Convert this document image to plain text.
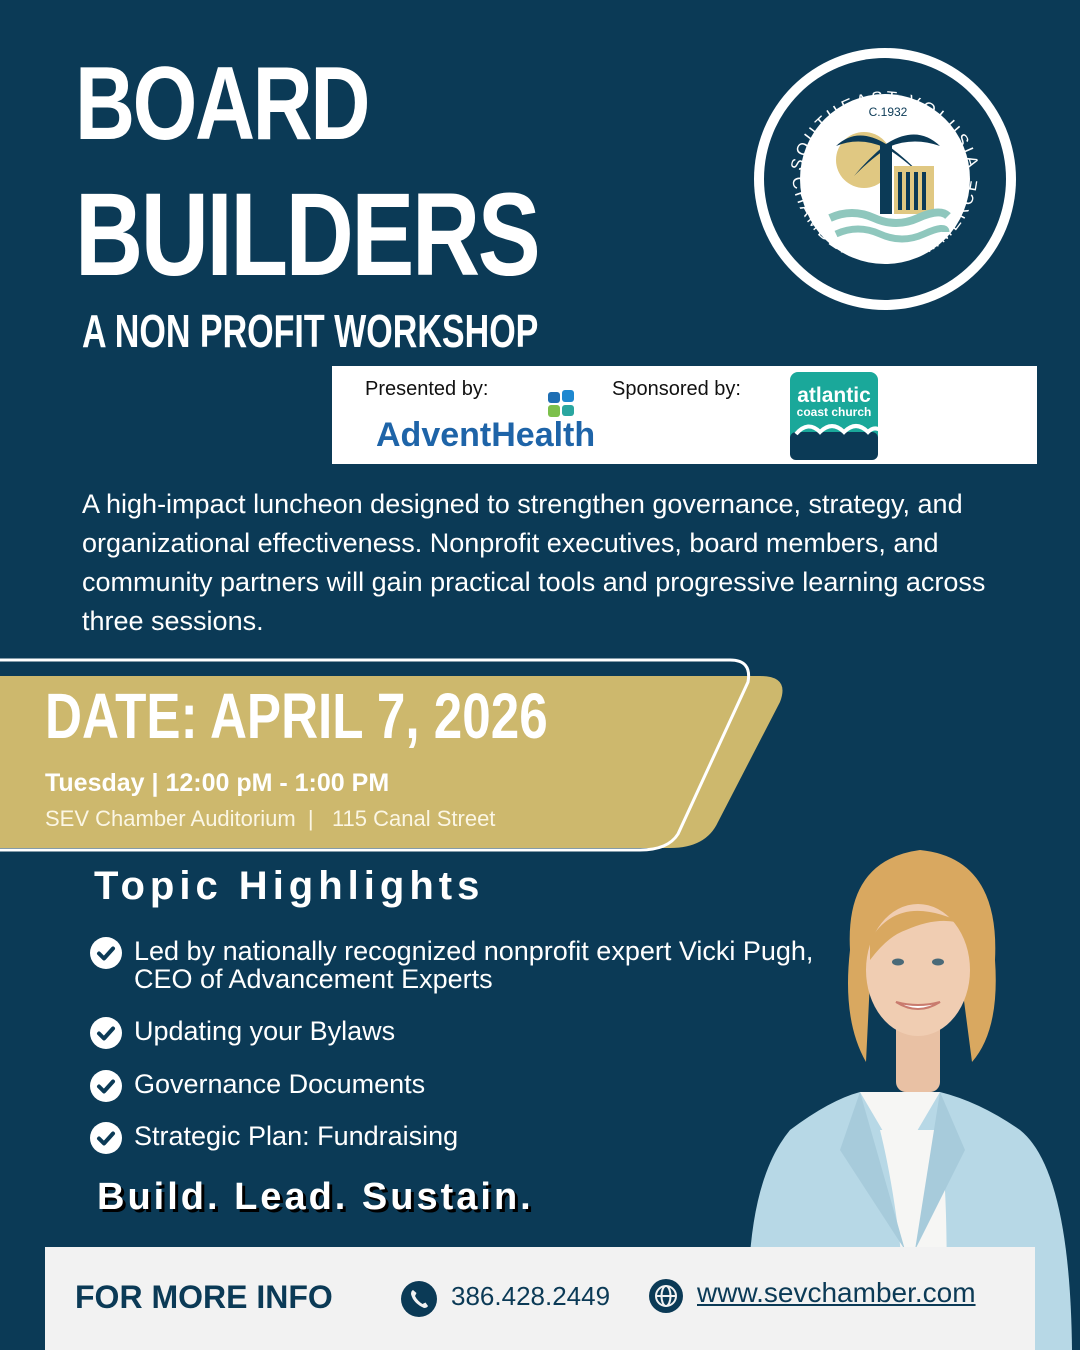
BOARD
BUILDERS
A NON PROFIT WORKSHOP
SOUTHEAST VOLUSIA
CHAMBER OF COMMERCE
C.1932
Presented by:
AdventHealth
Sponsored by:	atlantic
coast church
A high-impact luncheon designed to strengthen governance, strategy, and organizational effectiveness. Nonprofit executives, board members, and community partners will gain practical tools and progressive learning across three sessions.
DATE: APRIL 7, 2026
Tuesday | 12:00 pM - 1:00 PM
SEV Chamber Auditorium  |   115 Canal Street
Topic Highlights
Led by nationally recognized nonprofit expert Vicki Pugh, CEO of Advancement Experts
Updating your Bylaws
Governance Documents
Strategic Plan: Fundraising
Build. Lead. Sustain.
FOR MORE INFO	386.428.2449	www.sevchamber.com
